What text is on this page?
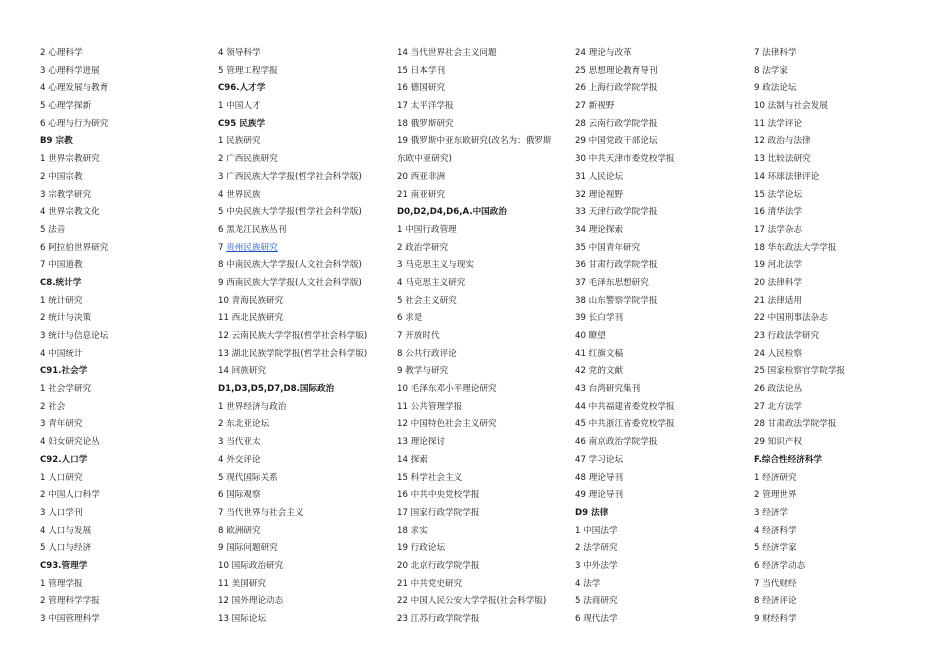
2 心理科学
3 心理科学进展
4 心理发展与教育
5 心理学探新
6 心理与行为研究
B9 宗教
1 世界宗教研究
2 中国宗教
3 宗教学研究
4 世界宗教文化
5 法音
6 阿拉伯世界研究
7 中国道教
C8.统计学
1 统计研究
2 统计与决策
3 统计与信息论坛
4 中国统计
C91.社会学
1 社会学研究
2 社会
3 青年研究
4 妇女研究论丛
C92.人口学
1 人口研究
2 中国人口科学
3 人口学刊
4 人口与发展
5 人口与经济
C93.管理学
1 管理学报
2 管理科学学报
3 中国管理科学
4 领导科学
5 管理工程学报
C96.人才学
1 中国人才
C95 民族学
1 民族研究
2 广西民族研究
3 广西民族大学学报(哲学社会科学版)
4 世界民族
5 中央民族大学学报(哲学社会科学版)
6 黑龙江民族丛刊
7 贵州民族研究
8 中南民族大学学报(人文社会科学版)
9 西南民族大学学报(人文社会科学版)
10 青海民族研究
11 西北民族研究
12 云南民族大学学报(哲学社会科学版)
13 湖北民族学院学报(哲学社会科学版)
14 回族研究
D1,D3,D5,D7,D8.国际政治
1 世界经济与政治
2 东北亚论坛
3 当代亚太
4 外交评论
5 现代国际关系
6 国际观察
7 当代世界与社会主义
8 欧洲研究
9 国际问题研究
10 国际政治研究
11 美国研究
12 国外理论动态
13 国际论坛
14 当代世界社会主义问题
15 日本学刊
16 德国研究
17 太平洋学报
18 俄罗斯研究
19 俄罗斯中亚东欧研究(改名为：俄罗斯
东欧中亚研究)
20 西亚非洲
21 南亚研究
D0,D2,D4,D6,A.中国政治
1 中国行政管理
2 政治学研究
3 马克思主义与现实
4 马克思主义研究
5 社会主义研究
6 求是
7 开放时代
8 公共行政评论
9 教学与研究
10 毛泽东邓小平理论研究
11 公共管理学报
12 中国特色社会主义研究
13 理论探讨
14 探索
15 科学社会主义
16 中共中央党校学报
17 国家行政学院学报
18 求实
19 行政论坛
20 北京行政学院学报
21 中共党史研究
22 中国人民公安大学学报(社会科学版)
23 江苏行政学院学报
24 理论与改革
25 思想理论教育导刊
26 上海行政学院学报
27 新视野
28 云南行政学院学报
29 中国党政干部论坛
30 中共天津市委党校学报
31 人民论坛
32 理论视野
33 天津行政学院学报
34 理论探索
35 中国青年研究
36 甘肃行政学院学报
37 毛泽东思想研究
38 山东警察学院学报
39 长白学刊
40 瞭望
41 红旗文稿
42 党的文献
43 台湾研究集刊
44 中共福建省委党校学报
45 中共浙江省委党校学报
46 南京政治学院学报
47 学习论坛
48 理论导刊
49 理论导刊
D9 法律
1 中国法学
2 法学研究
3 中外法学
4 法学
5 法商研究
6 现代法学
7 法律科学
8 法学家
9 政法论坛
10 法制与社会发展
11 法学评论
12 政治与法律
13 比较法研究
14 环球法律评论
15 法学论坛
16 清华法学
17 法学杂志
18 华东政法大学学报
19 河北法学
20 法律科学
21 法律适用
22 中国刑事法杂志
23 行政法学研究
24 人民检察
25 国家检察官学院学报
26 政法论丛
27 北方法学
28 甘肃政法学院学报
29 知识产权
F.综合性经济科学
1 经济研究
2 管理世界
3 经济学
4 经济科学
5 经济学家
6 经济学动态
7 当代财经
8 经济评论
9 财经科学
